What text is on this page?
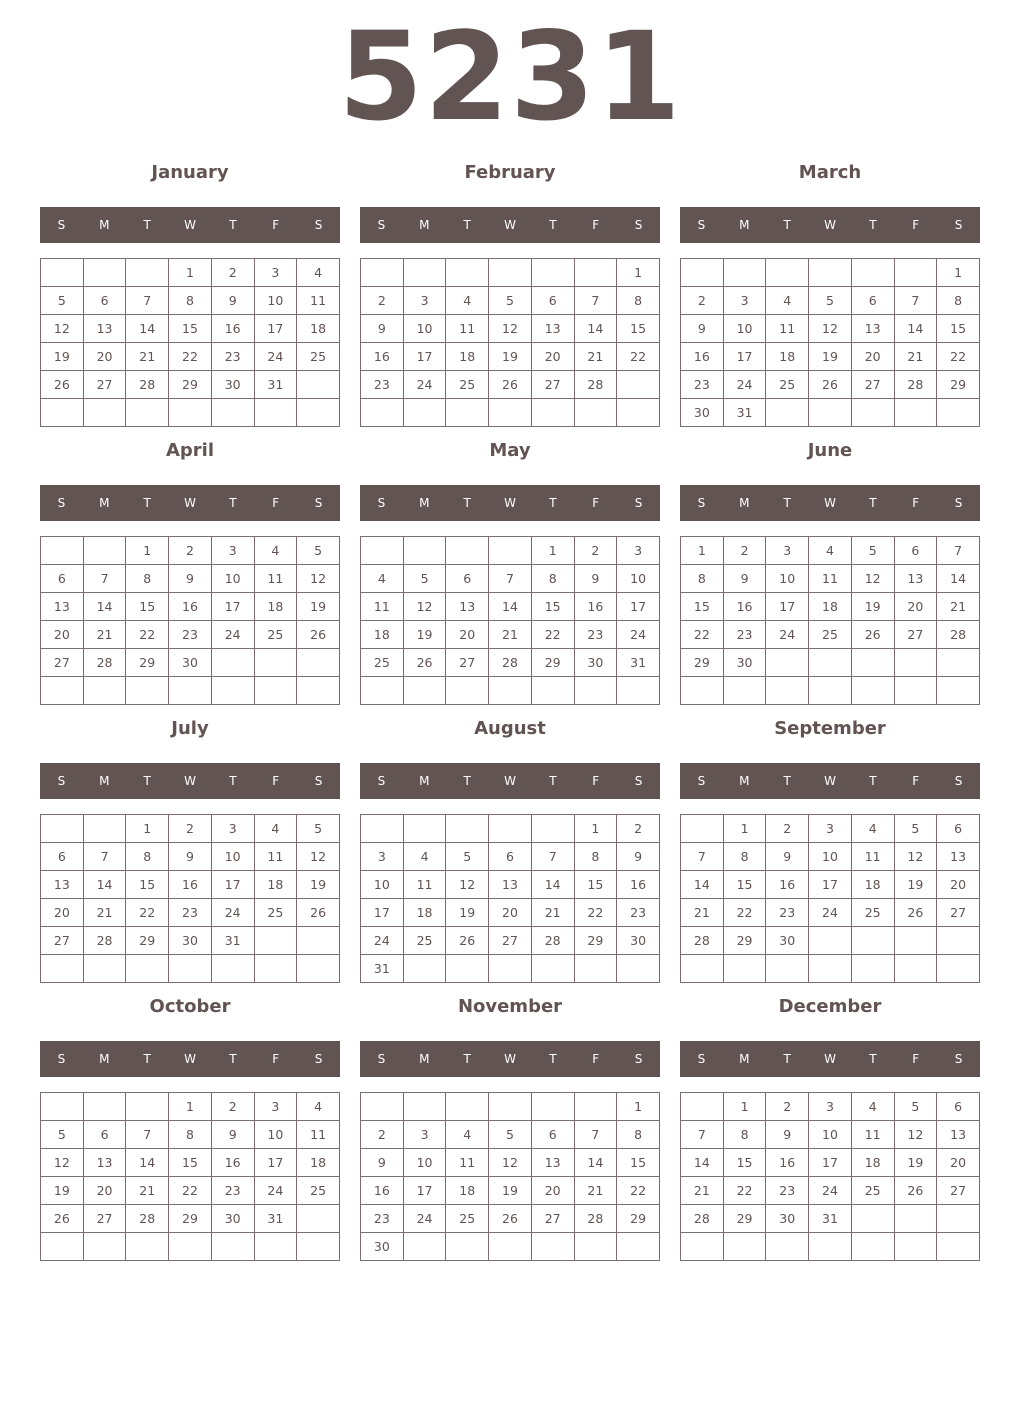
5231
January
S	M	T	W	T	F	S
			1	2	3	4
5	6	7	8	9	10	11
12	13	14	15	16	17	18
19	20	21	22	23	24	25
26	27	28	29	30	31	

February
S	M	T	W	T	F	S
						1
2	3	4	5	6	7	8
9	10	11	12	13	14	15
16	17	18	19	20	21	22
23	24	25	26	27	28	

March
S	M	T	W	T	F	S
						1
2	3	4	5	6	7	8
9	10	11	12	13	14	15
16	17	18	19	20	21	22
23	24	25	26	27	28	29
30	31					
April
S	M	T	W	T	F	S
		1	2	3	4	5
6	7	8	9	10	11	12
13	14	15	16	17	18	19
20	21	22	23	24	25	26
27	28	29	30			

May
S	M	T	W	T	F	S
				1	2	3
4	5	6	7	8	9	10
11	12	13	14	15	16	17
18	19	20	21	22	23	24
25	26	27	28	29	30	31

June
S	M	T	W	T	F	S
1	2	3	4	5	6	7
8	9	10	11	12	13	14
15	16	17	18	19	20	21
22	23	24	25	26	27	28
29	30					

July
S	M	T	W	T	F	S
		1	2	3	4	5
6	7	8	9	10	11	12
13	14	15	16	17	18	19
20	21	22	23	24	25	26
27	28	29	30	31		

August
S	M	T	W	T	F	S
					1	2
3	4	5	6	7	8	9
10	11	12	13	14	15	16
17	18	19	20	21	22	23
24	25	26	27	28	29	30
31						
September
S	M	T	W	T	F	S
	1	2	3	4	5	6
7	8	9	10	11	12	13
14	15	16	17	18	19	20
21	22	23	24	25	26	27
28	29	30				

October
S	M	T	W	T	F	S
			1	2	3	4
5	6	7	8	9	10	11
12	13	14	15	16	17	18
19	20	21	22	23	24	25
26	27	28	29	30	31	

November
S	M	T	W	T	F	S
						1
2	3	4	5	6	7	8
9	10	11	12	13	14	15
16	17	18	19	20	21	22
23	24	25	26	27	28	29
30						
December
S	M	T	W	T	F	S
	1	2	3	4	5	6
7	8	9	10	11	12	13
14	15	16	17	18	19	20
21	22	23	24	25	26	27
28	29	30	31			
